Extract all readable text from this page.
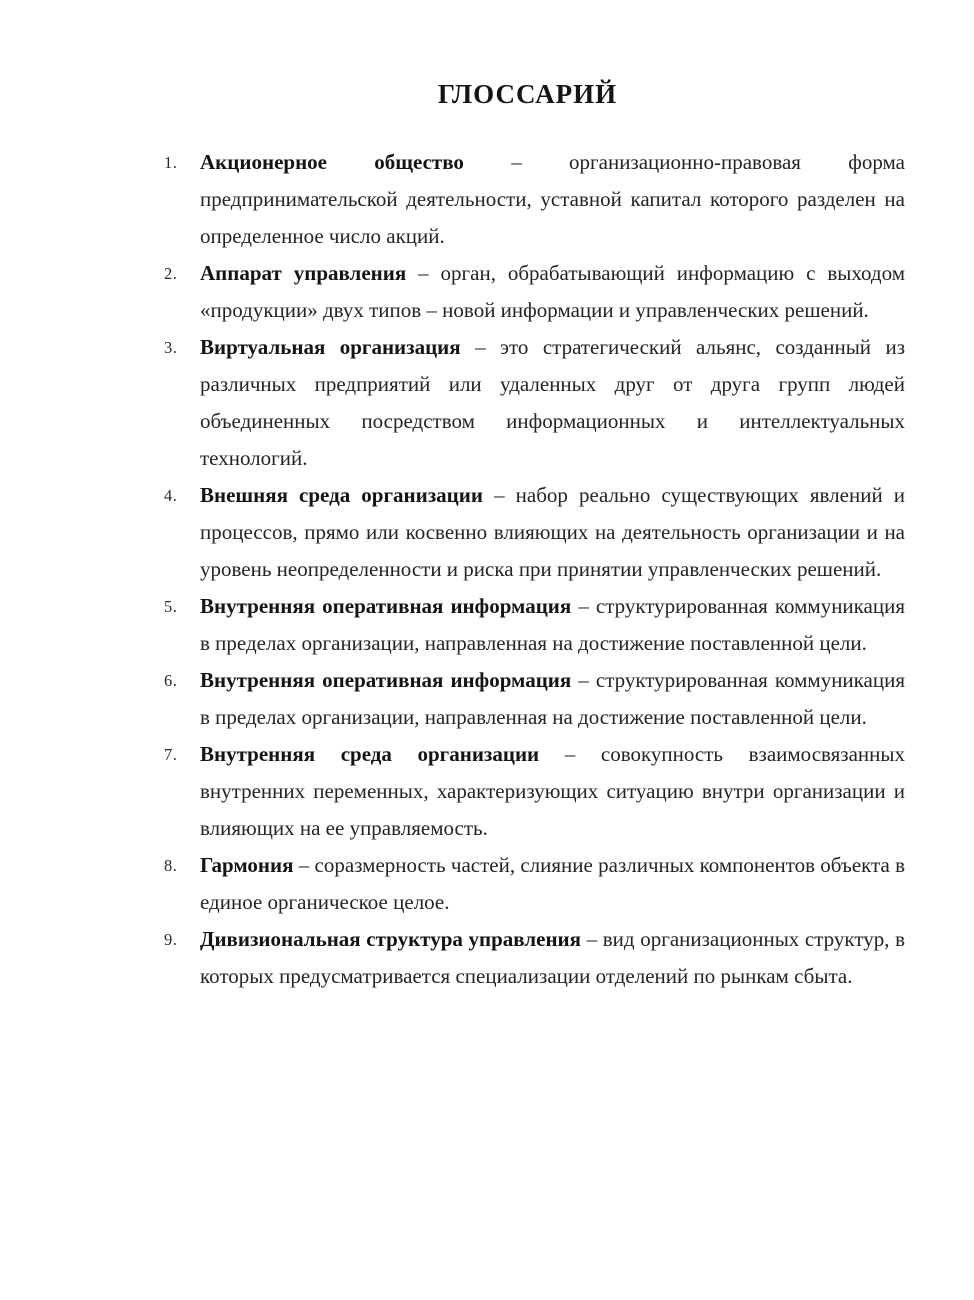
ГЛОССАРИЙ
1.	Акционерное общество – организационно-правовая форма предпринимательской деятельности, уставной капитал которого разделен на определенное число акций.
2.	Аппарат управления – орган, обрабатывающий информацию с выходом «продукции» двух типов – новой информации и управленческих решений.
3.	Виртуальная организация – это стратегический альянс, созданный из различных предприятий или удаленных друг от друга групп людей объединенных посредством информационных и интеллектуальных технологий.
4.	Внешняя среда организации – набор реально существующих явлений и процессов, прямо или косвенно влияющих на деятельность организации и на уровень неопределенности и риска при принятии управленческих решений.
5.	Внутренняя оперативная информация – структурированная коммуникация в пределах организации, направленная на достижение поставленной цели.
6.	Внутренняя оперативная информация – структурированная коммуникация в пределах организации, направленная на достижение поставленной цели.
7.	Внутренняя среда организации – совокупность взаимосвязанных внутренних переменных, характеризующих ситуацию внутри организации и влияющих на ее управляемость.
8.	Гармония – соразмерность частей, слияние различных компонентов объекта в единое органическое целое.
9.	Дивизиональная структура управления – вид организационных структур, в которых предусматривается специализации отделений по рынкам сбыта.
